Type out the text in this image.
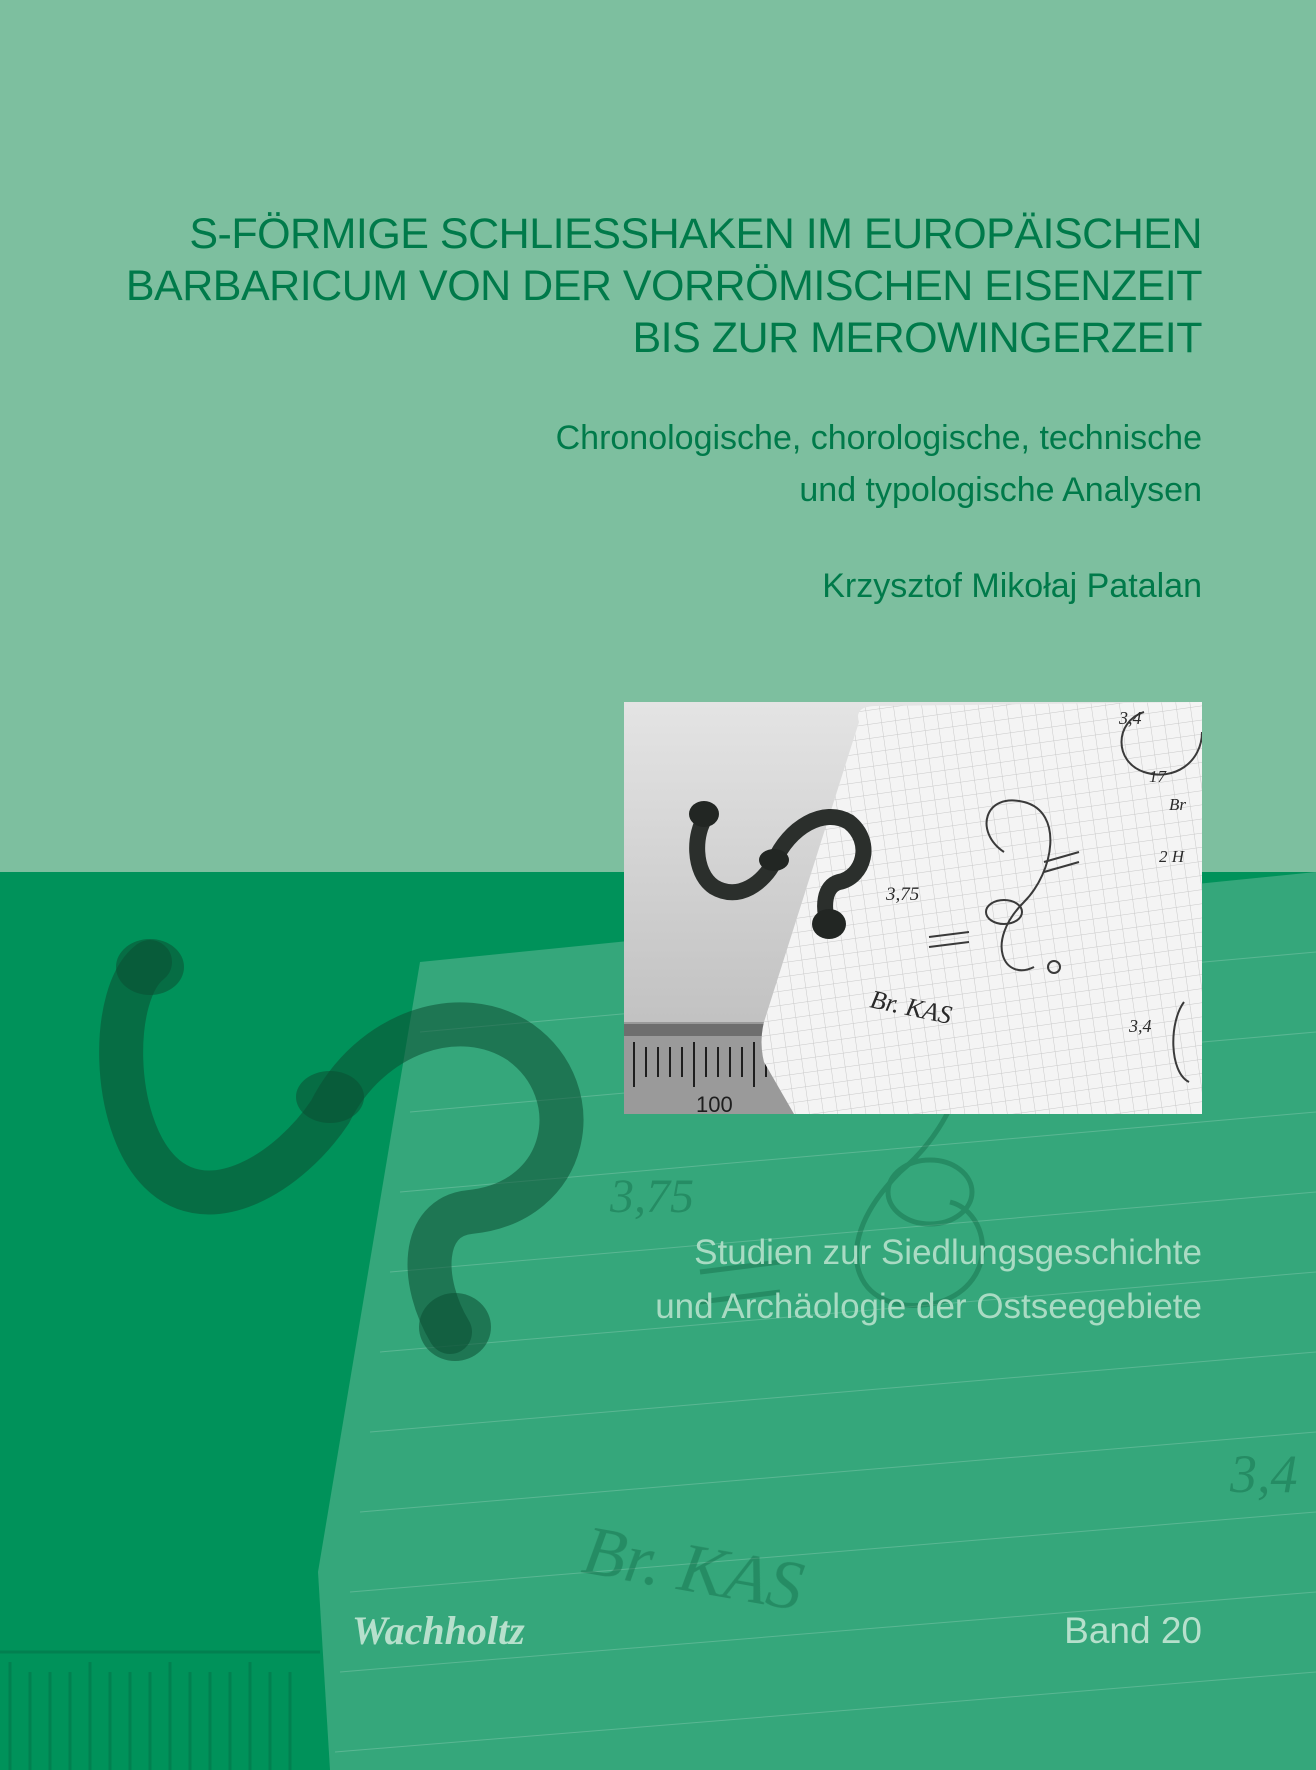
3,75
Br. KAS
3,4
S-FÖRMIGE SCHLIESSHAKEN IM EUROPÄISCHEN
BARBARICUM VON DER VORRÖMISCHEN EISENZEIT
BIS ZUR MEROWINGERZEIT
Chronologische, chorologische, technische
und typologische Analysen
Krzysztof Mikołaj Patalan
100
3,4
17
Br
2 H
3,75
Br. KAS	3,4
Studien zur Siedlungsgeschichte
und Archäologie der Ostseegebiete
Wachholtz	Band 20
